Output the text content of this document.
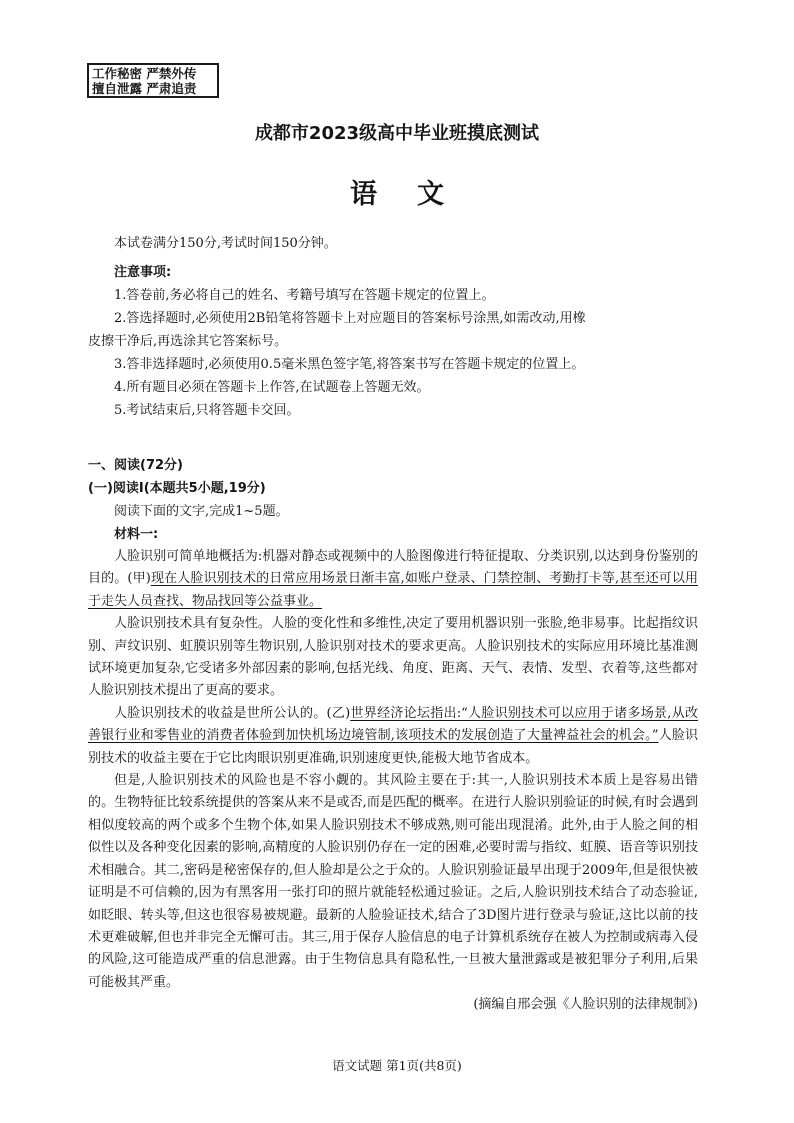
工作秘密 严禁外传
擅自泄露 严肃追责
成都市2023级高中毕业班摸底测试
语文
本试卷满分150分,考试时间150分钟。
注意事项:
1.答卷前,务必将自己的姓名、考籍号填写在答题卡规定的位置上。
2.答选择题时,必须使用2B铅笔将答题卡上对应题目的答案标号涂黑,如需改动,用橡
皮擦干净后,再选涂其它答案标号。
3.答非选择题时,必须使用0.5毫米黑色签字笔,将答案书写在答题卡规定的位置上。
4.所有题目必须在答题卡上作答,在试题卷上答题无效。
5.考试结束后,只将答题卡交回。
一、阅读(72分)
(一)阅读Ⅰ(本题共5小题,19分)
阅读下面的文字,完成1~5题。
材料一:

人脸识别可简单地概括为:机器对静态或视频中的人脸图像进行特征提取、分类识别,以达到身份鉴别的目的。(甲)现在人脸识别技术的日常应用场景日渐丰富,如账户登录、门禁控制、考勤打卡等,甚至还可以用于走失人员查找、物品找回等公益事业。

人脸识别技术具有复杂性。人脸的变化性和多维性,决定了要用机器识别一张脸,绝非易事。比起指纹识别、声纹识别、虹膜识别等生物识别,人脸识别对技术的要求更高。人脸识别技术的实际应用环境比基准测试环境更加复杂,它受诸多外部因素的影响,包括光线、角度、距离、天气、表情、发型、衣着等,这些都对人脸识别技术提出了更高的要求。

人脸识别技术的收益是世所公认的。(乙)世界经济论坛指出:“人脸识别技术可以应用于诸多场景,从改善银行业和零售业的消费者体验到加快机场边境管制,该项技术的发展创造了大量裨益社会的机会。”人脸识别技术的收益主要在于它比肉眼识别更准确,识别速度更快,能极大地节省成本。

但是,人脸识别技术的风险也是不容小觑的。其风险主要在于:其一,人脸识别技术本质上是容易出错的。生物特征比较系统提供的答案从来不是或否,而是匹配的概率。在进行人脸识别验证的时候,有时会遇到相似度较高的两个或多个生物个体,如果人脸识别技术不够成熟,则可能出现混淆。此外,由于人脸之间的相似性以及各种变化因素的影响,高精度的人脸识别仍存在一定的困难,必要时需与指纹、虹膜、语音等识别技术相融合。其二,密码是秘密保存的,但人脸却是公之于众的。人脸识别验证最早出现于2009年,但是很快被证明是不可信赖的,因为有黑客用一张打印的照片就能轻松通过验证。之后,人脸识别技术结合了动态验证,如眨眼、转头等,但这也很容易被规避。最新的人脸验证技术,结合了3D图片进行登录与验证,这比以前的技术更难破解,但也并非完全无懈可击。其三,用于保存人脸信息的电子计算机系统存在被人为控制或病毒入侵的风险,这可能造成严重的信息泄露。由于生物信息具有隐私性,一旦被大量泄露或是被犯罪分子利用,后果可能极其严重。

(摘编自邢会强《人脸识别的法律规制》)
语文试题 第1页(共8页)
